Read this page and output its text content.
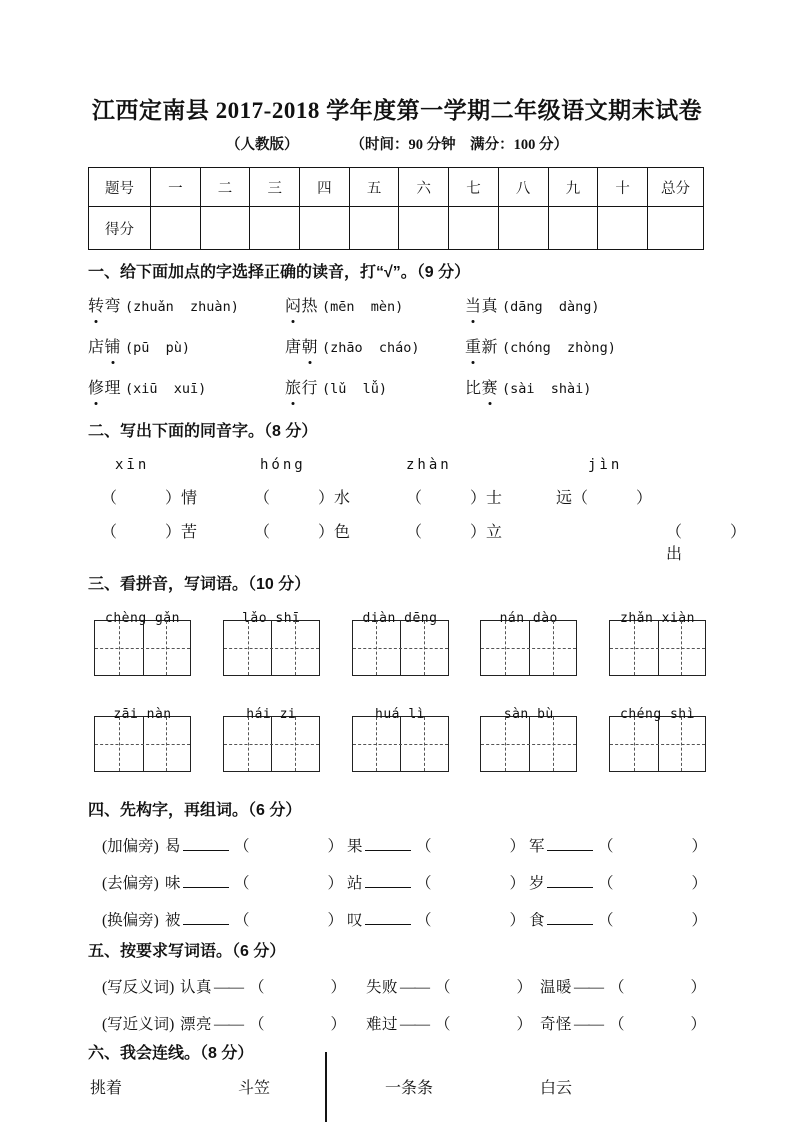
江西定南县 2017-2018 学年度第一学期二年级语文期末试卷
（人教版）	（时间：90 分钟　满分：100 分）
题号	一	二	三	四	五	六	七	八	九	十	总分
得分											
一、给下面加点的字选择正确的读音，打“√”。（9 分）
转弯 (zhuǎn  zhuàn)	闷热 (mēn  mèn)	当真 (dāng  dàng)
店铺 (pū  pù)	唐朝 (zhāo  cháo)	重新 (chóng  zhòng)
修理 (xiū  xuī)	旅行 (lǔ  lǚ)	比赛 (sài  shài)
二、写出下面的同音字。（8 分）
xīn	hóng	zhàn	jìn
（　　　）情	（　　　）水	（　　　）士	远（　　　）
（　　　）苦	（　　　）色	（　　　）立	（　　　）出
三、看拼音，写词语。（10 分）
chèng gǎn	lǎo shī	diàn dēng	nán dào	zhǎn xiàn
zāi nàn	hái zi	huá lì	sàn bù	chéng shì
四、先构字，再组词。（6 分）
(加偏旁) 曷	（	） 果	（	） 军	（	）
(去偏旁) 味	（	） 站	（	） 岁	（	）
(换偏旁) 被	（	） 叹	（	） 食	（	）
五、按要求写词语。（6 分）
(写反义词) 认真 —— （	）	失败 —— （	） 温暖 —— （	）
(写近义词) 漂亮 —— （	）	难过 —— （	） 奇怪 —— （	）
六、我会连线。（8 分）
挑着	斗笠	一条条	白云
